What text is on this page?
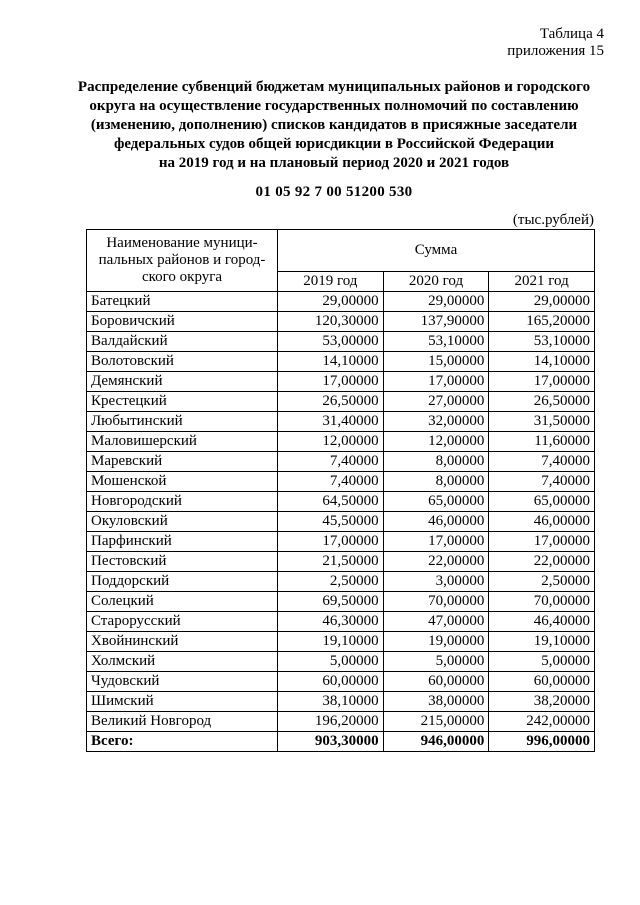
Таблица 4
приложения 15
Распределение субвенций бюджетам муниципальных районов и городского
округа на осуществление государственных полномочий по составлению
(изменению, дополнению) списков кандидатов в присяжные заседатели
федеральных судов общей юрисдикции в Российской Федерации
на 2019 год и на плановый период 2020 и 2021 годов
01 05 92 7 00 51200 530
(тыс.рублей)
Наименование муници-
пальных районов и город-
ского округа	Сумма		
	2019 год	2020 год	2021 год
Батецкий	29,00000	29,00000	29,00000
Боровичский	120,30000	137,90000	165,20000
Валдайский	53,00000	53,10000	53,10000
Волотовский	14,10000	15,00000	14,10000
Демянский	17,00000	17,00000	17,00000
Крестецкий	26,50000	27,00000	26,50000
Любытинский	31,40000	32,00000	31,50000
Маловишерский	12,00000	12,00000	11,60000
Маревский	7,40000	8,00000	7,40000
Мошенской	7,40000	8,00000	7,40000
Новгородский	64,50000	65,00000	65,00000
Окуловский	45,50000	46,00000	46,00000
Парфинский	17,00000	17,00000	17,00000
Пестовский	21,50000	22,00000	22,00000
Поддорский	2,50000	3,00000	2,50000
Солецкий	69,50000	70,00000	70,00000
Старорусский	46,30000	47,00000	46,40000
Хвойнинский	19,10000	19,00000	19,10000
Холмский	5,00000	5,00000	5,00000
Чудовский	60,00000	60,00000	60,00000
Шимский	38,10000	38,00000	38,20000
Великий Новгород	196,20000	215,00000	242,00000
Всего:	903,30000	946,00000	996,00000
